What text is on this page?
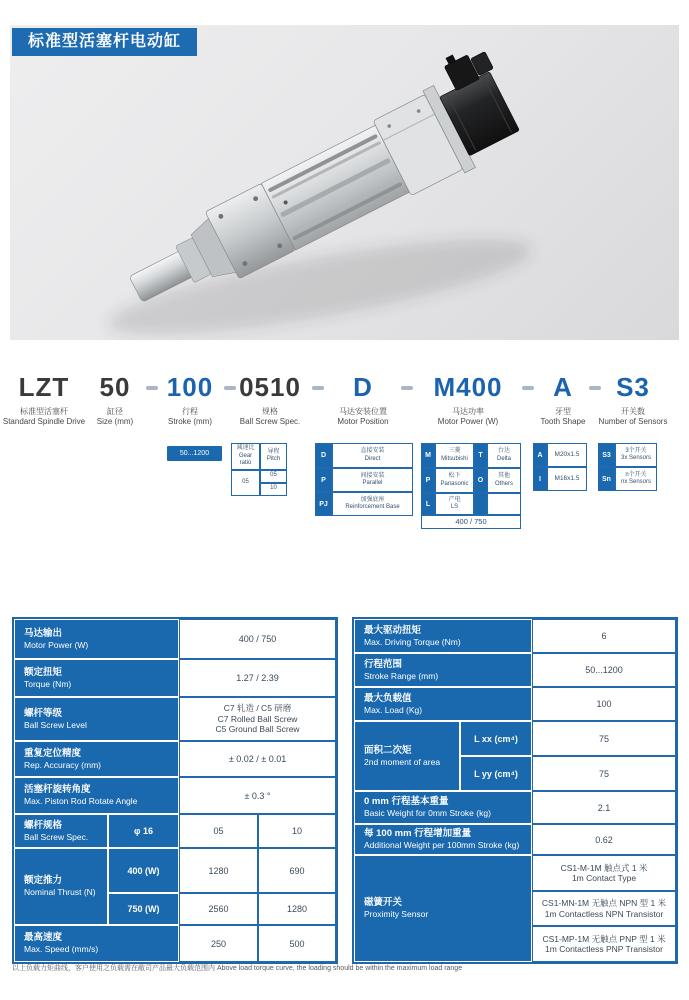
标准型活塞杆电动缸
LZT
标准型活塞杆
Standard Spindle Drive
50
缸径
Size (mm)
100
行程
Stroke (mm)
0510
规格
Ball Screw Spec.
D
马达安装位置
Motor Position
M400
马达功率
Motor Power (W)
A
牙型
Tooth Shape
S3
开关数
Number of Sensors
50...1200
减速比
Gear ratio	导程
Pitch

05	05
	10
D	直接安装
Direct

P	间接安装
Parallel

PJ	加强底座
Reinforcement Base
M	三菱
Mitsubishi	T	台达
Delta

P	松下
Panasonic	O	其他
Others

L	产电
LS		

400 / 750			
A	M20x1.5
I	M16x1.5
S3	3个开关
3x Sensors

Sn	n个开关
nx Sensors
马达输出
Motor Power (W)		400 / 750	

额定扭矩
Torque (Nm)		1.27 / 2.39	

螺杆等级
Ball Screw Level		C7 轧造 / C5 研磨
C7 Rolled Ball Screw
C5 Ground Ball Screw	

重复定位精度
Rep. Accuracy (mm)		± 0.02 / ± 0.01	

活塞杆旋转角度
Max. Piston Rod Rotate Angle		± 0.3 °	

螺杆规格
Ball Screw Spec.	φ 16	05	10

额定推力
Nominal Thrust (N)	400 (W)	1280	690
	750 (W)	2560	1280

最高速度
Max. Speed (mm/s)		250	500
最大驱动扭矩
Max. Driving Torque (Nm)		6

行程范围
Stroke Range (mm)		50...1200

最大负载值
Max. Load (Kg)		100

面积二次矩
2nd moment of area	L xx (cm⁴)	75
	L yy (cm⁴)	75

0 mm 行程基本重量
Basic Weight for 0mm Stroke (kg)		2.1

每 100 mm 行程增加重量
Additional Weight per 100mm Stroke (kg)		0.62

磁簧开关
Proximity Sensor		CS1-M-1M 触点式 1 米
1m Contact Type

		CS1-MN-1M 无触点 NPN 型 1 米
1m Contactless NPN Transistor

		CS1-MP-1M 无触点 PNP 型 1 米
1m Contactless PNP Transistor
以上负载力矩曲线，客户使用之负载需在敝司产品最大负载范围内 Above load torque curve, the loading should be within the maximum load range
